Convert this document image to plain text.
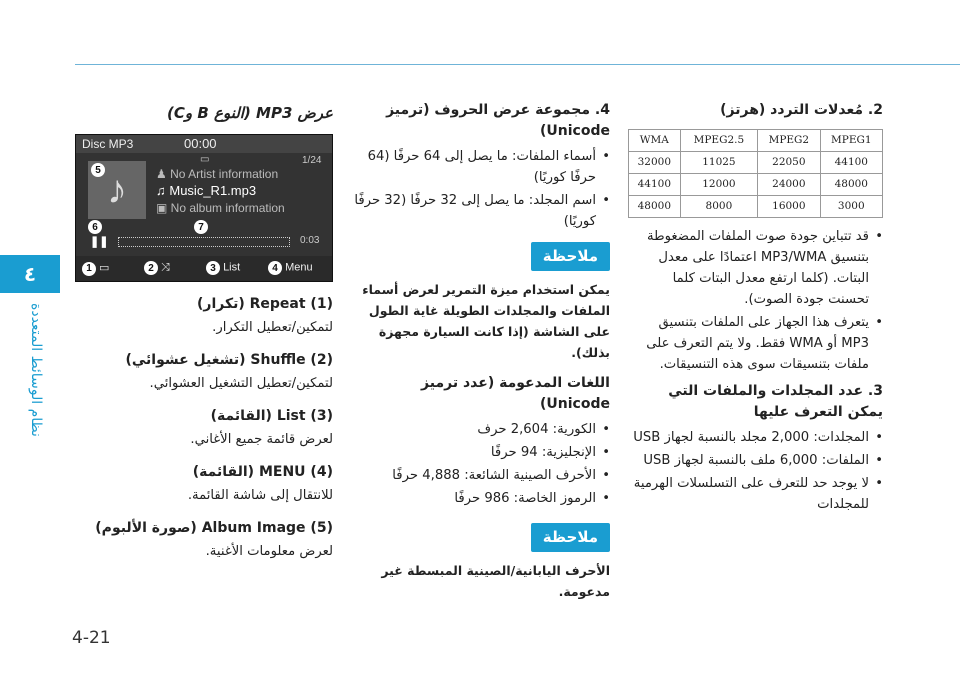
٤
نظام الوسائط المتعددة
4-21

2. مُعدلات التردد (هرتز)

WMA	MPEG2.5	MPEG2	MPEG1
32000	11025	22050	44100
44100	12000	24000	48000
48000	8000	16000	3000
• قد تتباين جودة صوت الملفات المضغوطة بتنسيق MP3/WMA اعتمادًا على معدل البتات. (كلما ارتفع معدل البتات كلما تحسنت جودة الصوت).
• يتعرف هذا الجهاز على الملفات بتنسيق MP3 أو WMA فقط. ولا يتم التعرف على ملفات بتنسيقات سوى هذه التنسيقات.

3. عدد المجلدات والملفات التي يمكن التعرف عليها

• المجلدات: 2,000 مجلد بالنسبة لجهاز USB
• الملفات: 6,000 ملف بالنسبة لجهاز USB
• لا يوجد حد للتعرف على التسلسلات الهرمية للمجلدات

4. مجموعة عرض الحروف (ترميز Unicode)

• أسماء الملفات: ما يصل إلى 64 حرفًا (64 حرفًا كوريًا)
• اسم المجلد: ما يصل إلى 32 حرفًا (32 حرفًا كوريًا)
ملاحظة

يمكن استخدام ميزة التمرير لعرض أسماء الملفات والمجلدات الطويلة غاية الطول على الشاشة (إذا كانت السيارة مجهزة بذلك).

اللغات المدعومة (عدد ترميز Unicode)

• الكورية: 2,604 حرف
• الإنجليزية: 94 حرفًا
• الأحرف الصينية الشائعة: 4,888 حرفًا
• الرموز الخاصة: 986 حرفًا
ملاحظة

الأحرف اليابانية/الصينية المبسطة غير مدعومة.

عرض MP3 (النوع B وC)

Disc MP3	00:00
♪
5
1/24
▭
♟ No Artist information
♫ Music_R1.mp3
▣ No album information
6	7
❚❚	0:03
1 ▭	2 ⤨	3 List	4 Menu

(1) Repeat (تكرار)

لتمكين/تعطيل التكرار.

(2) Shuffle (تشغيل عشوائي)

لتمكين/تعطيل التشغيل العشوائي.

(3) List (القائمة)

لعرض قائمة جميع الأغاني.

(4) MENU (القائمة)

للانتقال إلى شاشة القائمة.

(5) Album Image (صورة الألبوم)

لعرض معلومات الأغنية.
